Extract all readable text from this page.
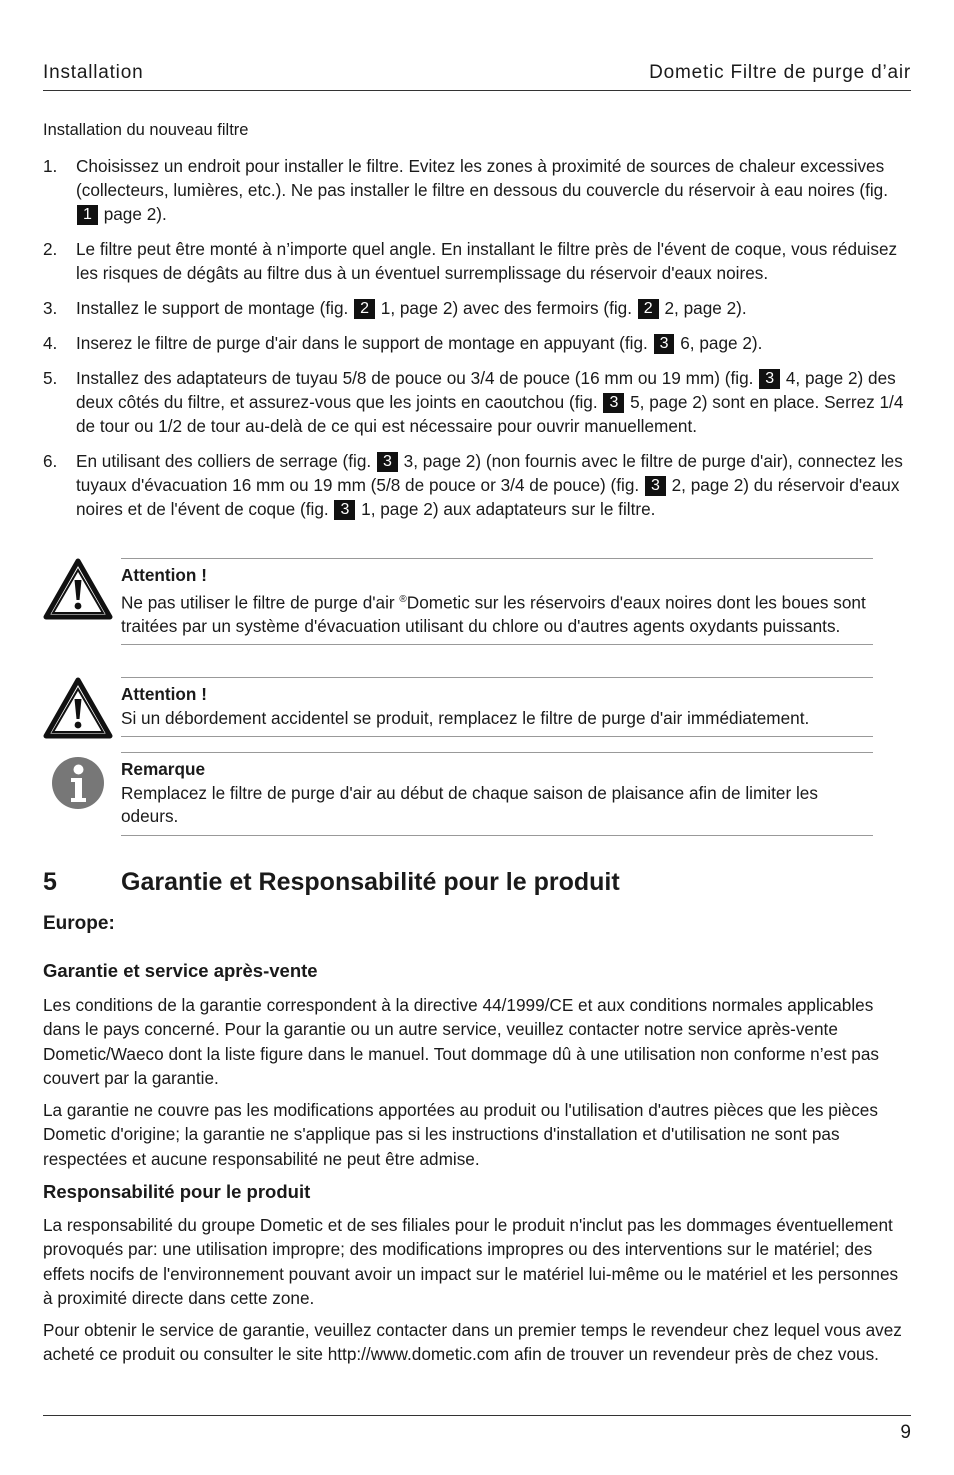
Installation	Dometic Filtre de purge d’air
Installation du nouveau filtre
1. Choisissez un endroit pour installer le filtre. Evitez les zones à proximité de sources de chaleur excessives (collecteurs, lumières, etc.). Ne pas installer le filtre en dessous du couvercle du réservoir à eau noires (fig. 1 page 2).
2. Le filtre peut être monté à n’importe quel angle. En installant le filtre près de l'évent de coque, vous réduisez les risques de dégâts au filtre dus à un éventuel surremplissage du réservoir d'eaux noires.
3. Installez le support de montage (fig. 2 1, page 2) avec des fermoirs (fig. 2 2, page 2).
4. Inserez le filtre de purge d'air dans le support de montage en appuyant (fig. 3 6, page 2).
5. Installez des adaptateurs de tuyau 5/8 de pouce ou 3/4 de pouce (16 mm ou 19 mm) (fig. 3 4, page 2) des deux côtés du filtre, et assurez-vous que les joints en caoutchou (fig. 3 5, page 2) sont en place. Serrez 1/4 de tour ou 1/2 de tour au-delà de ce qui est nécessaire pour ouvrir manuellement.
6. En utilisant des colliers de serrage (fig. 3 3, page 2) (non fournis avec le filtre de purge d'air), connectez les tuyaux d'évacuation 16 mm ou 19 mm (5/8 de pouce or 3/4 de pouce) (fig. 3 2, page 2) du réservoir d'eaux noires et de l'évent de coque (fig. 3 1, page 2) aux adaptateurs sur le filtre.
Attention !
Ne pas utiliser le filtre de purge d'air ®Dometic sur les réservoirs d'eaux noires dont les boues sont traitées par un système d'évacuation utilisant du chlore ou d'autres agents oxydants puissants.
Attention !
Si un débordement accidentel se produit, remplacez le filtre de purge d'air immédiatement.
Remarque
Remplacez le filtre de purge d'air au début de chaque saison de plaisance afin de limiter les odeurs.
5	Garantie et Responsabilité pour le produit
Europe:
Garantie et service après-vente

Les conditions de la garantie correspondent à la directive 44/1999/CE et aux conditions normales applicables dans le pays concerné. Pour la garantie ou un autre service, veuillez contacter notre service après-vente Dometic/Waeco dont la liste figure dans le manuel. Tout dommage dû à une utilisation non conforme n’est pas couvert par la garantie.

La garantie ne couvre pas les modifications apportées au produit ou l'utilisation d'autres pièces que les pièces Dometic d'origine; la garantie ne s'applique pas si les instructions d'installation et d'utilisation ne sont pas respectées et aucune responsabilité ne peut être admise.

Responsabilité pour le produit

La responsabilité du groupe Dometic et de ses filiales pour le produit n'inclut pas les dommages éventuellement provoqués par: une utilisation impropre; des modifications impropres ou des interventions sur le matériel; des effets nocifs de l'environnement pouvant avoir un impact sur le matériel lui-même ou le matériel et les personnes à proximité directe dans cette zone.

Pour obtenir le service de garantie, veuillez contacter dans un premier temps le revendeur chez lequel vous avez acheté ce produit ou consulter le site http://www.dometic.com afin de trouver un revendeur près de chez vous.

9
